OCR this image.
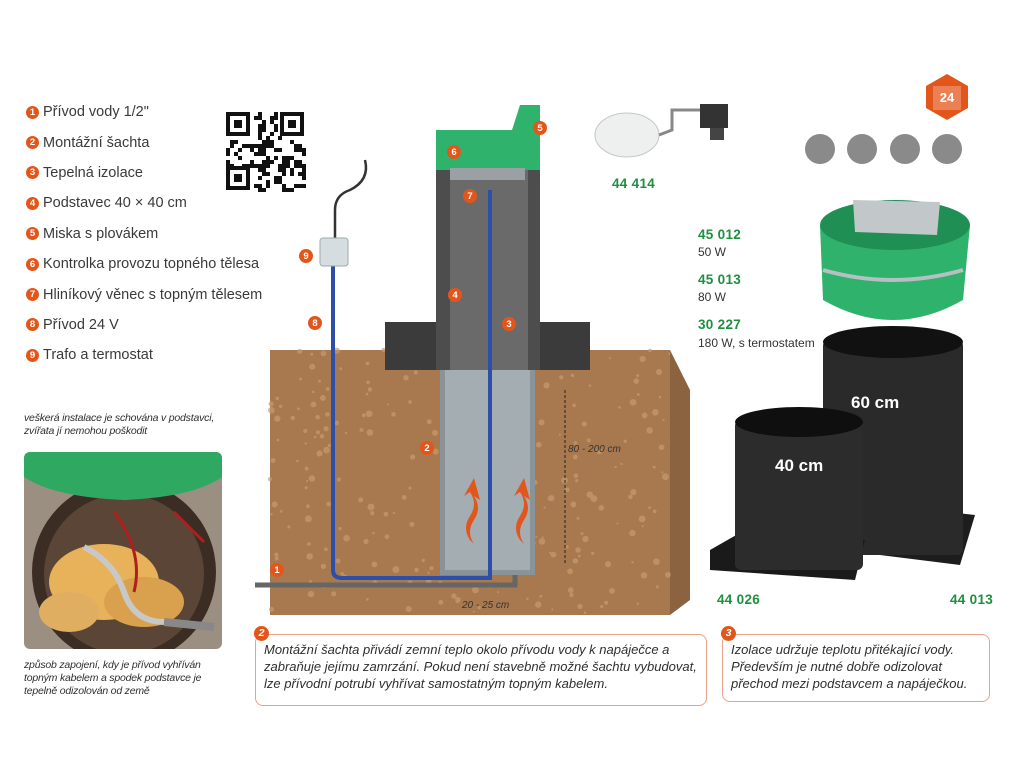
1 Přívod vody 1/2"
2 Montážní šachta
3 Tepelná izolace
4 Podstavec 40 × 40 cm
5 Miska s plovákem
6 Kontrolka provozu topného tělesa
7 Hliníkový věnec s topným tělesem
8 Přívod 24 V
9 Trafo a termostat
veškerá instalace je schována v podstavci, zvířata jí nemohou poškodit
způsob zapojení, kdy je přívod vyhříván topným kabelem a spodek podstavce je tepelně odizolován od země
80 - 200 cm
20 - 25 cm
1
2
3
4
5
6
7
8
9
44 414
45 012
50 W
45 013
80 W
30 227
180 W, s termostatem
24
60 cm
40 cm
44 026	44 013
2
Montážní šachta přivádí zemní teplo okolo přívodu vody k napáječce a zabraňuje jejímu zamrzání. Pokud není stavebně možné šachtu vybudovat, lze přívodní potrubí vyhřívat samostatným topným kabelem.
3
Izolace udržuje teplotu přitékající vody. Především je nutné dobře odizolovat přechod mezi podstavcem a napáječkou.
